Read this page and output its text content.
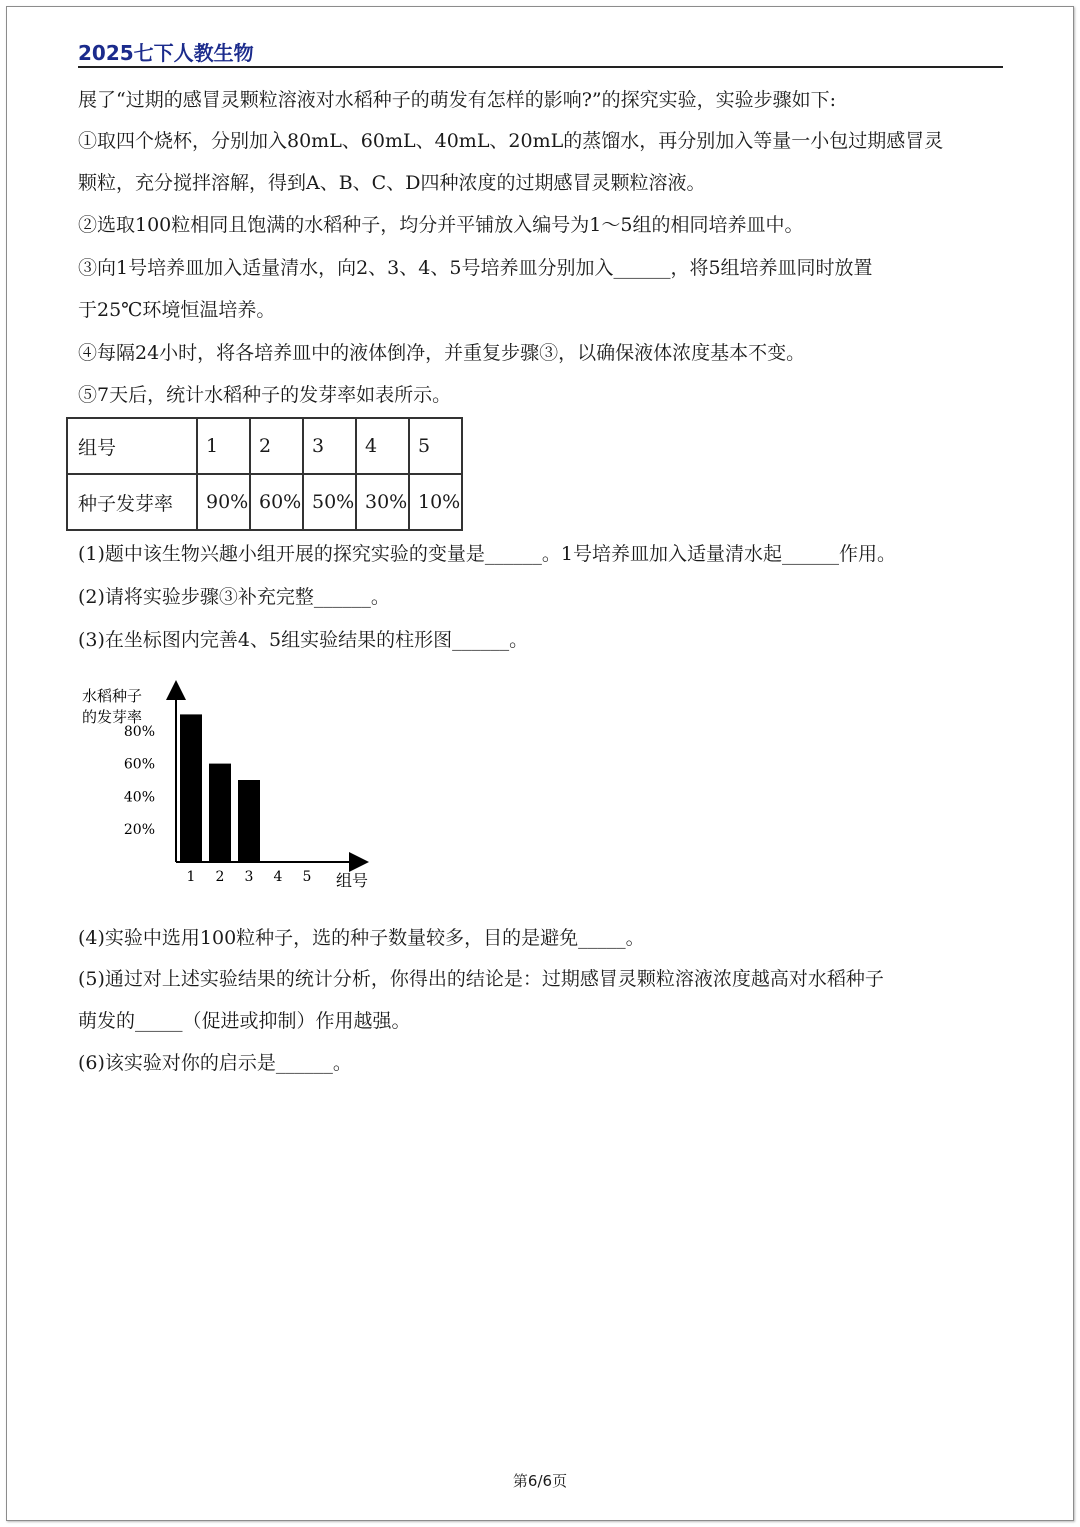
2025七下人教生物
展了“过期的感冒灵颗粒溶液对水稻种子的萌发有怎样的影响?”的探究实验，实验步骤如下:
①取四个烧杯，分别加入80mL、60mL、40mL、20mL的蒸馏水，再分别加入等量一小包过期感冒灵
颗粒，充分搅拌溶解，得到A、B、C、D四种浓度的过期感冒灵颗粒溶液。
②选取100粒相同且饱满的水稻种子，均分并平铺放入编号为1～5组的相同培养皿中。
③向1号培养皿加入适量清水，向2、3、4、5号培养皿分别加入______，将5组培养皿同时放置
于25℃环境恒温培养。
④每隔24小时，将各培养皿中的液体倒净，并重复步骤③，以确保液体浓度基本不变。
⑤7天后，统计水稻种子的发芽率如表所示。
组号	1	2	3	4	5
种子发芽率	90%	60%	50%	30%	10%
(1)题中该生物兴趣小组开展的探究实验的变量是______。1号培养皿加入适量清水起______作用。
(2)请将实验步骤③补充完整______。
(3)在坐标图内完善4、5组实验结果的柱形图______。
水稻种子
的发芽率
20%
40%
60%
80%
1 2 3 4 5 组号
(4)实验中选用100粒种子，选的种子数量较多，目的是避免_____。
(5)通过对上述实验结果的统计分析，你得出的结论是：过期感冒灵颗粒溶液浓度越高对水稻种子
萌发的_____（促进或抑制）作用越强。
(6)该实验对你的启示是______。
第6/6页
